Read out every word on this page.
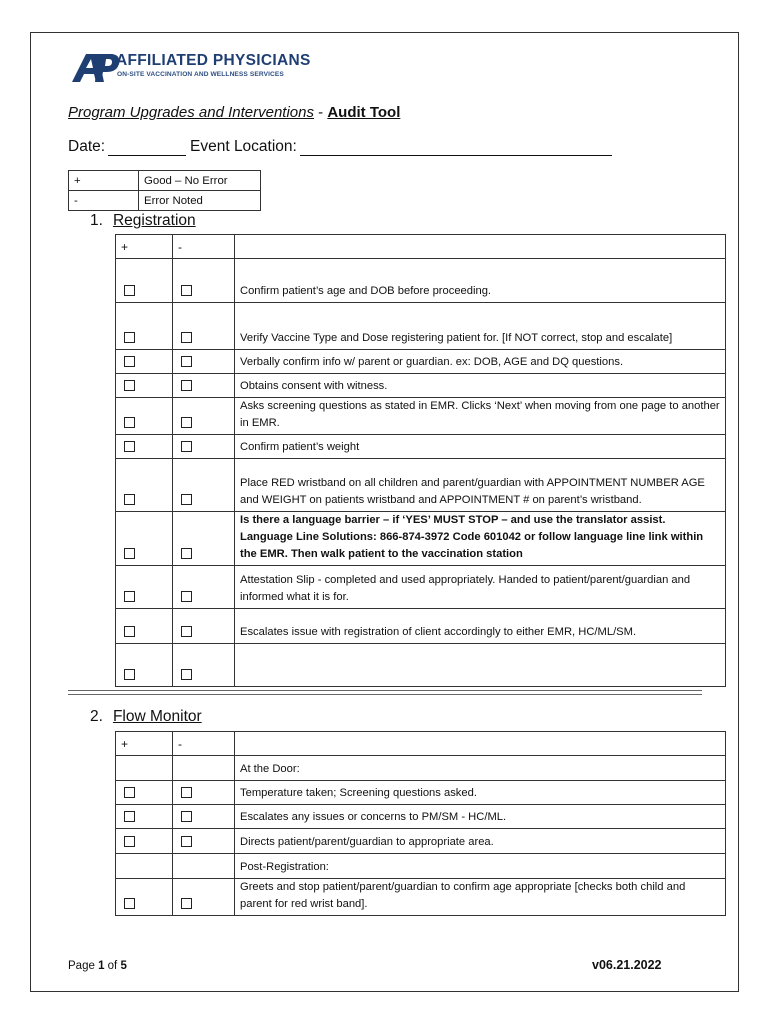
AFFILIATED PHYSICIANS
ON-SITE VACCINATION AND WELLNESS SERVICES
Program Upgrades and Interventions - Audit Tool
Date:	Event Location:
+	Good – No Error
-	Error Noted
1. Registration
+	-	
		Confirm patient’s age and DOB before proceeding.
		Verify Vaccine Type and Dose registering patient for. [If NOT correct, stop and escalate]
		Verbally confirm info w/ parent or guardian. ex: DOB, AGE and DQ questions.
		Obtains consent with witness.
		Asks screening questions as stated in EMR. Clicks ‘Next’ when moving from one page to another in EMR.
		Confirm patient’s weight
		Place RED wristband on all children and parent/guardian with APPOINTMENT NUMBER AGE and WEIGHT on patients wristband and APPOINTMENT # on parent’s wristband.
		Is there a language barrier – if ‘YES’ MUST STOP – and use the translator assist. Language Line Solutions: 866-874-3972 Code 601042 or follow language line link within the EMR. Then walk patient to the vaccination station
		Attestation Slip - completed and used appropriately. Handed to patient/parent/guardian and informed what it is for.
		Escalates issue with registration of client accordingly to either EMR, HC/ML/SM.

2. Flow Monitor
+	-	
		At the Door:
		Temperature taken; Screening questions asked.
		Escalates any issues or concerns to PM/SM - HC/ML.
		Directs patient/parent/guardian to appropriate area.
		Post-Registration:
		Greets and stop patient/parent/guardian to confirm age appropriate [checks both child and parent for red wrist band].
Page 1 of 5	v06.21.2022
